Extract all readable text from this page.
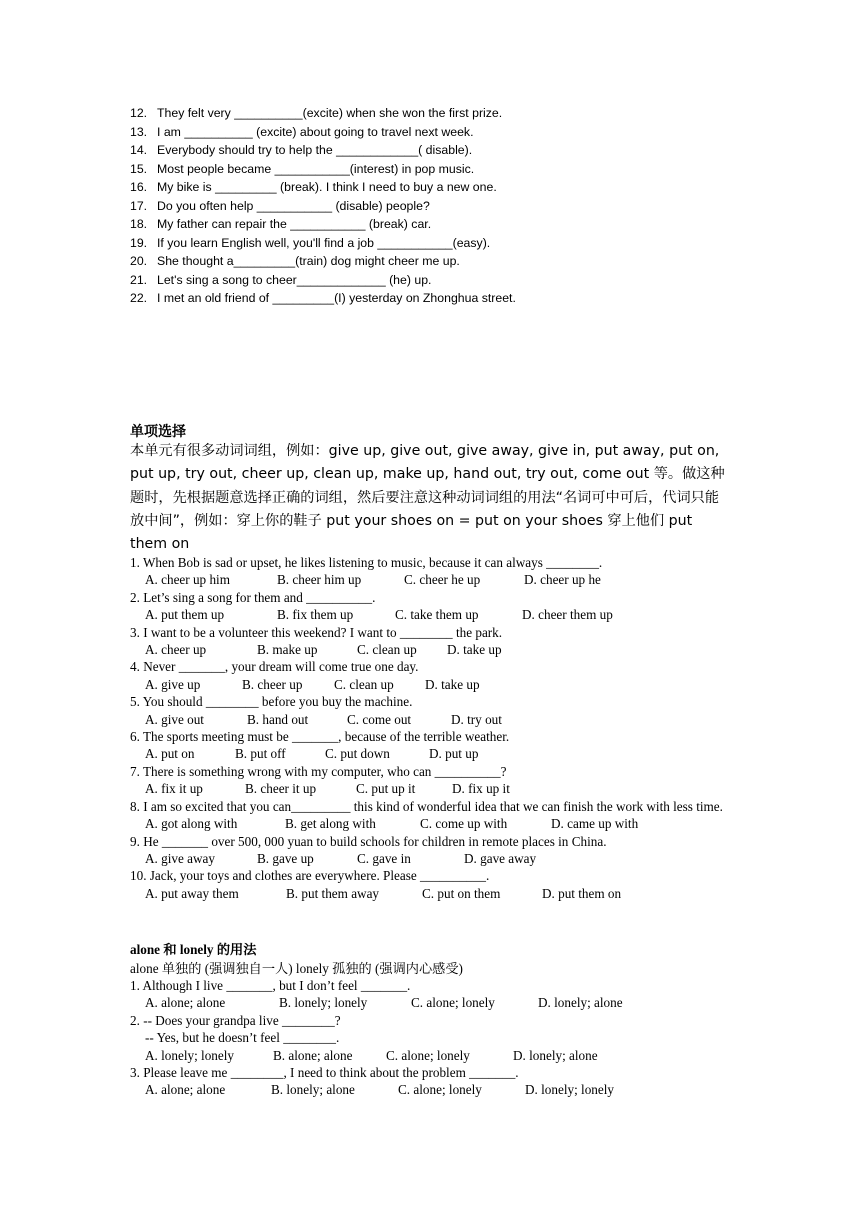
12. They felt very __________(excite) when she won the first prize.
13. I am __________ (excite) about going to travel next week.
14. Everybody should try to help the ____________( disable).
15. Most people became ___________(interest) in pop music.
16. My bike is _________ (break). I think I need to buy a new one.
17. Do you often help ___________ (disable) people?
18. My father can repair the ___________ (break) car.
19. If you learn English well, you'll find a job ___________(easy).
20. She thought a_________(train) dog might cheer me up.
21. Let's sing a song to cheer_____________ (he) up.
22. I met an old friend of _________(I) yesterday on Zhonghua street.
单项选择
本单元有很多动词词组，例如：give up, give out, give away, give in, put away, put on, put up, try out, cheer up, clean up, make up, hand out, try out, come out 等。做这种题时，先根据题意选择正确的词组，然后要注意这种动词词组的用法“名词可中可后，代词只能放中间”，例如：穿上你的鞋子 put your shoes on = put on your shoes 穿上他们 put them on
1. When Bob is sad or upset, he likes listening to music, because it can always ________.
A. cheer up him	B. cheer him up	C. cheer he up	D. cheer up he
2. Let’s sing a song for them and __________.
A. put them up	B. fix them up	C. take them up	D. cheer them up
3. I want to be a volunteer this weekend? I want to ________ the park.
A. cheer up	B. make up	C. clean up D. take up
4. Never _______, your dream will come true one day.
A. give up	B. cheer up C. clean up D. take up
5. You should ________ before you buy the machine.
A. give out	B. hand out	C. come out	D. try out
6. The sports meeting must be _______, because of the terrible weather.
A. put on	B. put off	C. put down	D. put up
7. There is something wrong with my computer, who can __________?
A. fix it up	B. cheer it up	C. put up it	D. fix up it
8. I am so excited that you can_________ this kind of wonderful idea that we can finish the work with less time.
A. got along with	B. get along with	C. come up with	D. came up with
9. He _______ over 500, 000 yuan to build schools for children in remote places in China.
A. give away	B. gave up	C. gave in	D. gave away
10. Jack, your toys and clothes are everywhere. Please __________.
A. put away them	B. put them away	C. put on them	D. put them on
alone 和 lonely 的用法
alone 单独的 (强调独自一人) lonely 孤独的 (强调内心感受)
1. Although I live _______, but I don’t feel _______.
A. alone; alone	B. lonely; lonely	C. alone; lonely	D. lonely; alone
2. -- Does your grandpa live ________?
-- Yes, but he doesn’t feel ________.
A. lonely; lonely	B. alone; alone	C. alone; lonely	D. lonely; alone
3. Please leave me ________, I need to think about the problem _______.
A. alone; alone	B. lonely; alone	C. alone; lonely	D. lonely; lonely
